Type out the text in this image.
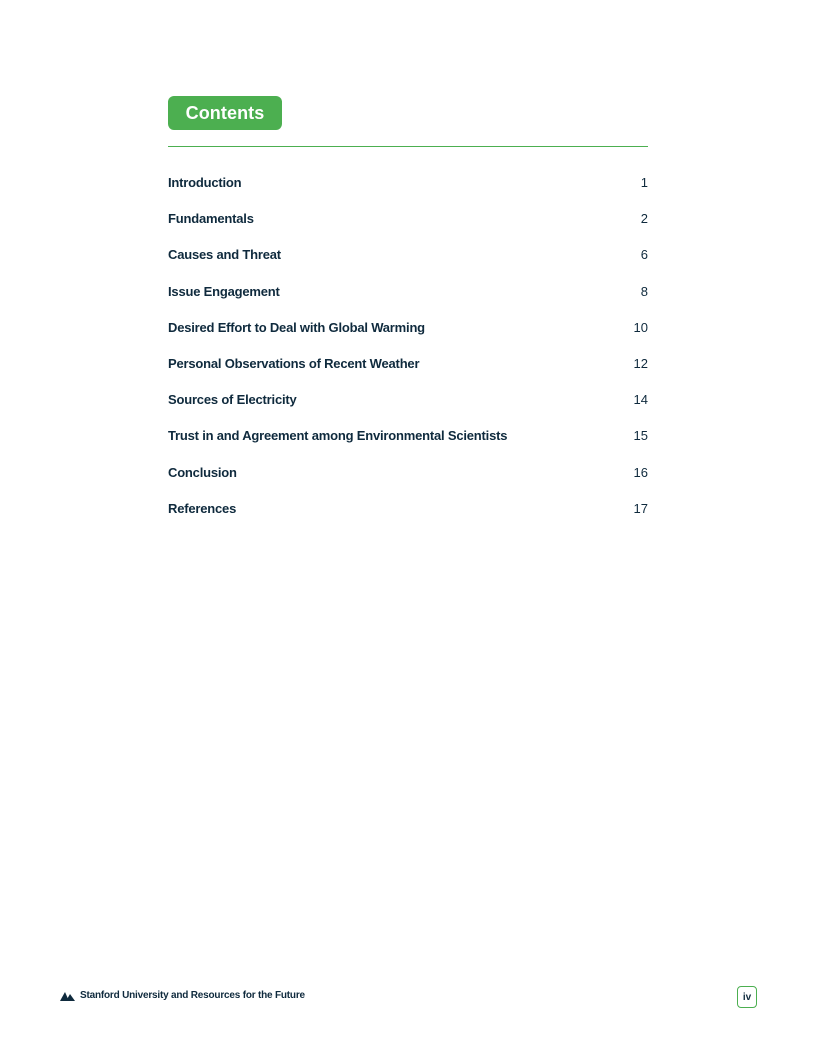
Contents
Introduction	1
Fundamentals	2
Causes and Threat	6
Issue Engagement	8
Desired Effort to Deal with Global Warming	10
Personal Observations of Recent Weather	12
Sources of Electricity	14
Trust in and Agreement among Environmental Scientists	15
Conclusion	16
References	17
Stanford University and Resources for the Future	iv
